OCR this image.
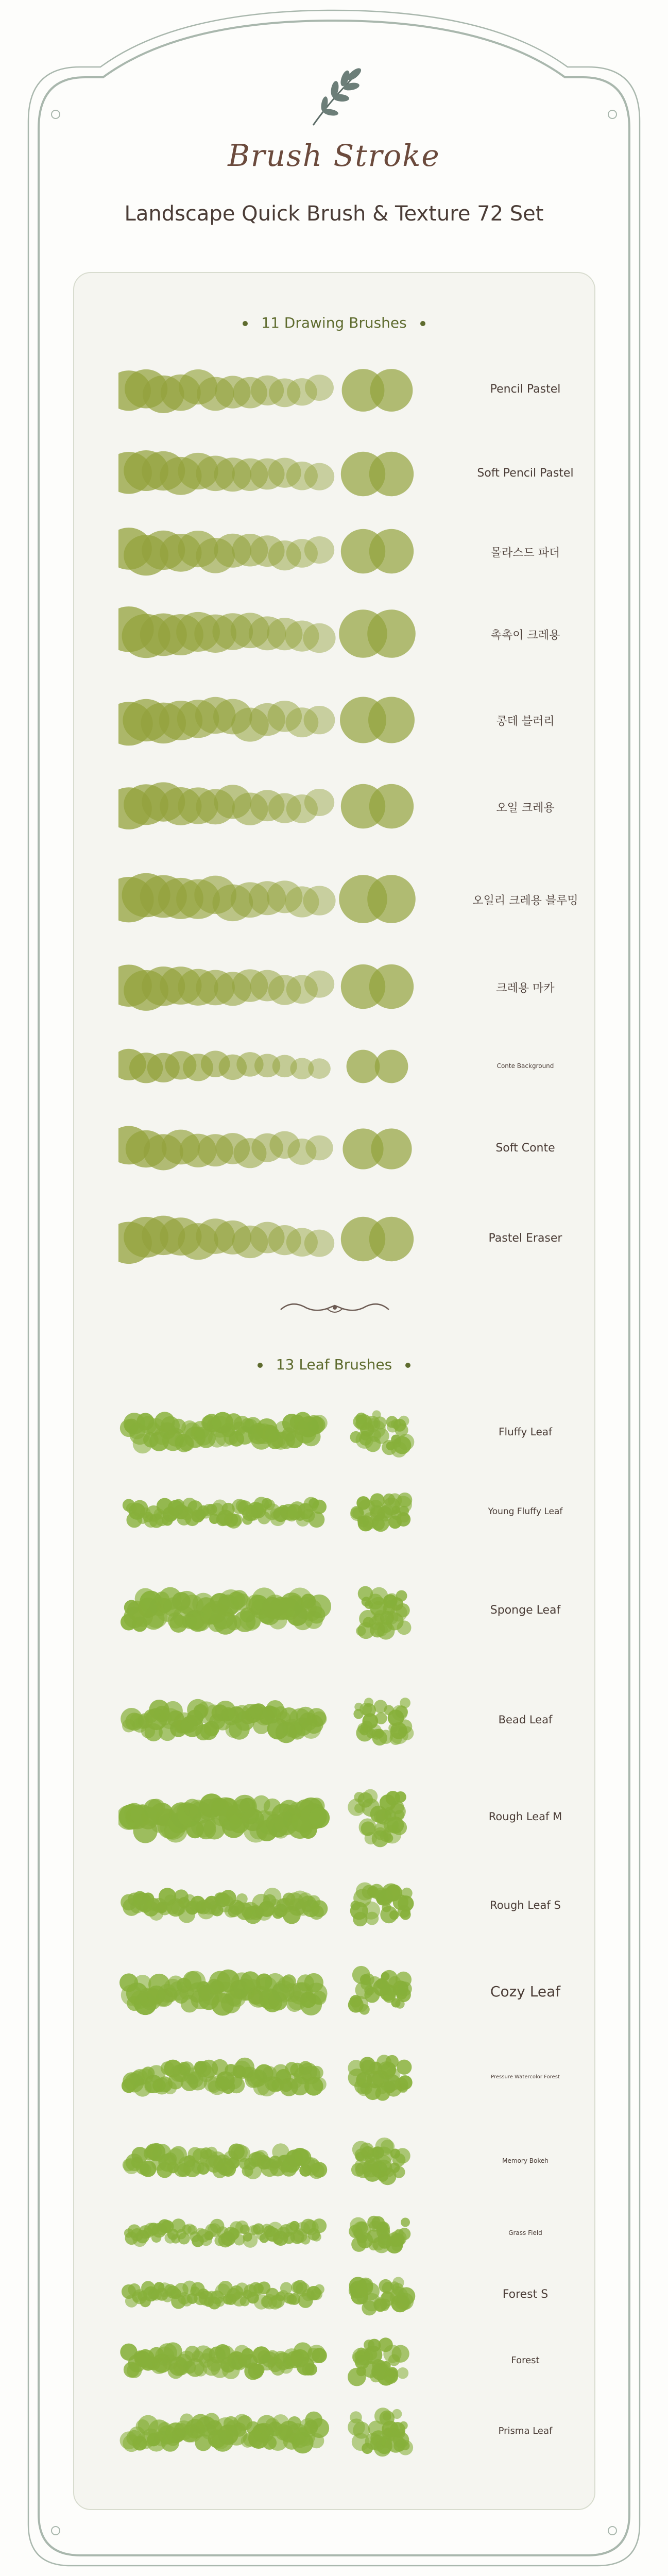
Brush Stroke
Landscape Quick Brush & Texture 72 Set
11 Drawing Brushes
Pencil Pastel
Soft Pencil Pastel
몰라스드 파더
촉촉이 크레용
콩테 블러리
오일 크레용
오일리 크레용 블루밍
크레용 마카
Conte Background
Soft Conte
Pastel Eraser
13 Leaf Brushes
Fluffy Leaf
Young Fluffy Leaf
Sponge Leaf
Bead Leaf
Rough Leaf M
Rough Leaf S
Cozy Leaf
Pressure Watercolor Forest
Memory Bokeh
Grass Field
Forest S
Forest
Prisma Leaf
